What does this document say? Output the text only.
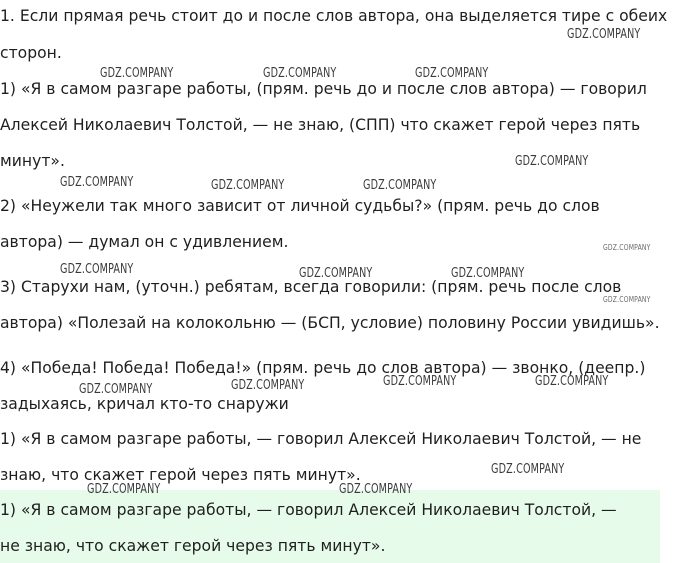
1. Если прямая речь стоит до и после слов автора, она выделяется тире с обеих
сторон.
1) «Я в самом разгаре работы, (прям. речь до и после слов автора) — говорил
Алексей Николаевич Толстой, — не знаю, (СПП) что скажет герой через пять
минут».
2) «Неужели так много зависит от личной судьбы?» (прям. речь до слов
автора) — думал он с удивлением.
3) Старухи нам, (уточн.) ребятам, всегда говорили: (прям. речь после слов
автора) «Полезай на колокольню — (БСП, условие) половину России увидишь».
4) «Победа! Победа! Победа!» (прям. речь до слов автора) — звонко, (деепр.)
задыхаясь, кричал кто-то снаружи
1) «Я в самом разгаре работы, — говорил Алексей Николаевич Толстой, — не
знаю, что скажет герой через пять минут».
1) «Я в самом разгаре работы, — говорил Алексей Николаевич Толстой, —
не знаю, что скажет герой через пять минут».
GDZ.COMPANY
GDZ.COMPANY	GDZ.COMPANY	GDZ.COMPANY
GDZ.COMPANY
GDZ.COMPANY	GDZ.COMPANY	GDZ.COMPANY
GDZ.COMPANY
GDZ.COMPANY	GDZ.COMPANY	GDZ.COMPANY
GDZ.COMPANY
GDZ.COMPANY
GDZ.COMPANY
GDZ.COMPANY
GDZ.COMPANY
GDZ.COMPANY
GDZ.COMPANY	GDZ.COMPANY
